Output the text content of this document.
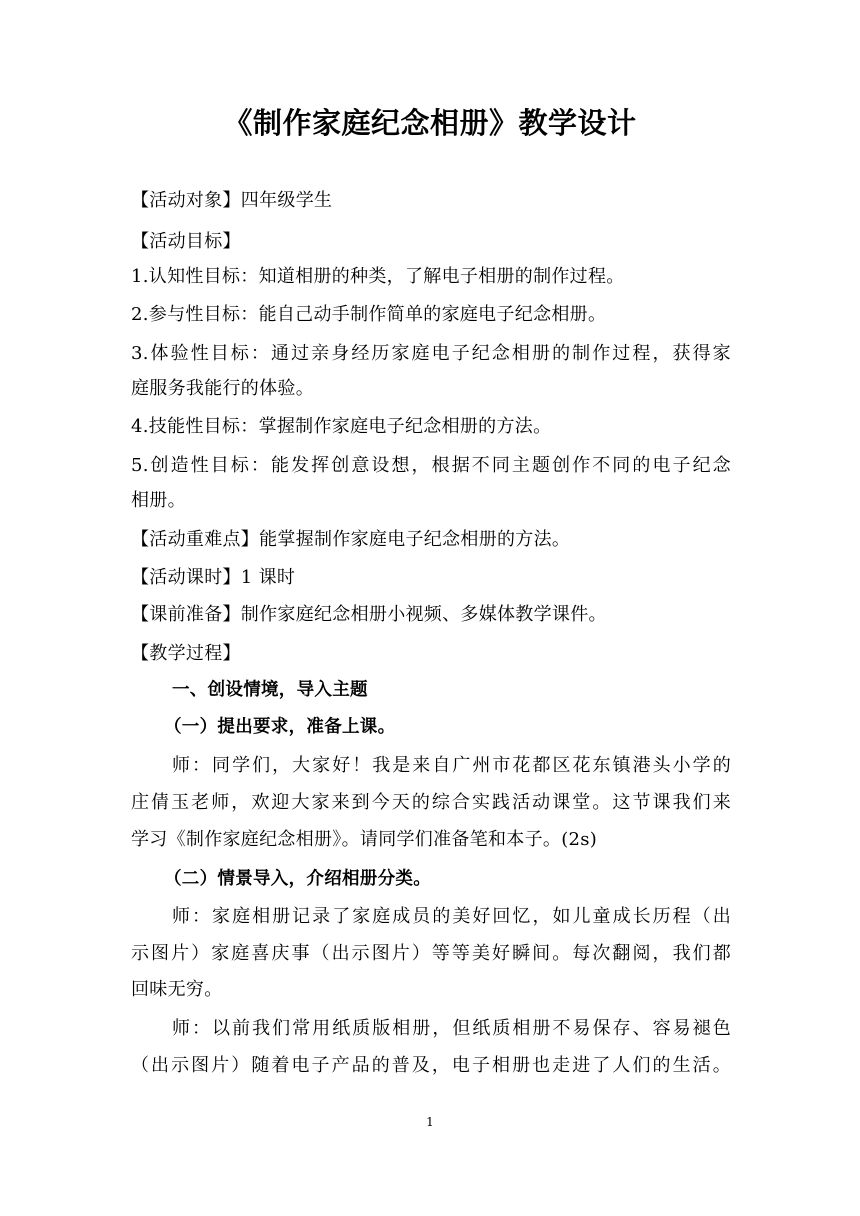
《制作家庭纪念相册》教学设计
【活动对象】四年级学生
【活动目标】
1.认知性目标：知道相册的种类，了解电子相册的制作过程。
2.参与性目标：能自己动手制作简单的家庭电子纪念相册。
3.体验性目标：通过亲身经历家庭电子纪念相册的制作过程，获得家
庭服务我能行的体验。
4.技能性目标：掌握制作家庭电子纪念相册的方法。
5.创造性目标：能发挥创意设想，根据不同主题创作不同的电子纪念
相册。
【活动重难点】能掌握制作家庭电子纪念相册的方法。
【活动课时】1 课时
【课前准备】制作家庭纪念相册小视频、多媒体教学课件。
【教学过程】
一、创设情境，导入主题
（一）提出要求，准备上课。
师：同学们，大家好！我是来自广州市花都区花东镇港头小学的
庄倩玉老师，欢迎大家来到今天的综合实践活动课堂。这节课我们来
学习《制作家庭纪念相册》。请同学们准备笔和本子。(2s)
（二）情景导入，介绍相册分类。
师：家庭相册记录了家庭成员的美好回忆，如儿童成长历程（出
示图片）家庭喜庆事（出示图片）等等美好瞬间。每次翻阅，我们都
回味无穷。
师：以前我们常用纸质版相册，但纸质相册不易保存、容易褪色
（出示图片）随着电子产品的普及，电子相册也走进了人们的生活。
1
